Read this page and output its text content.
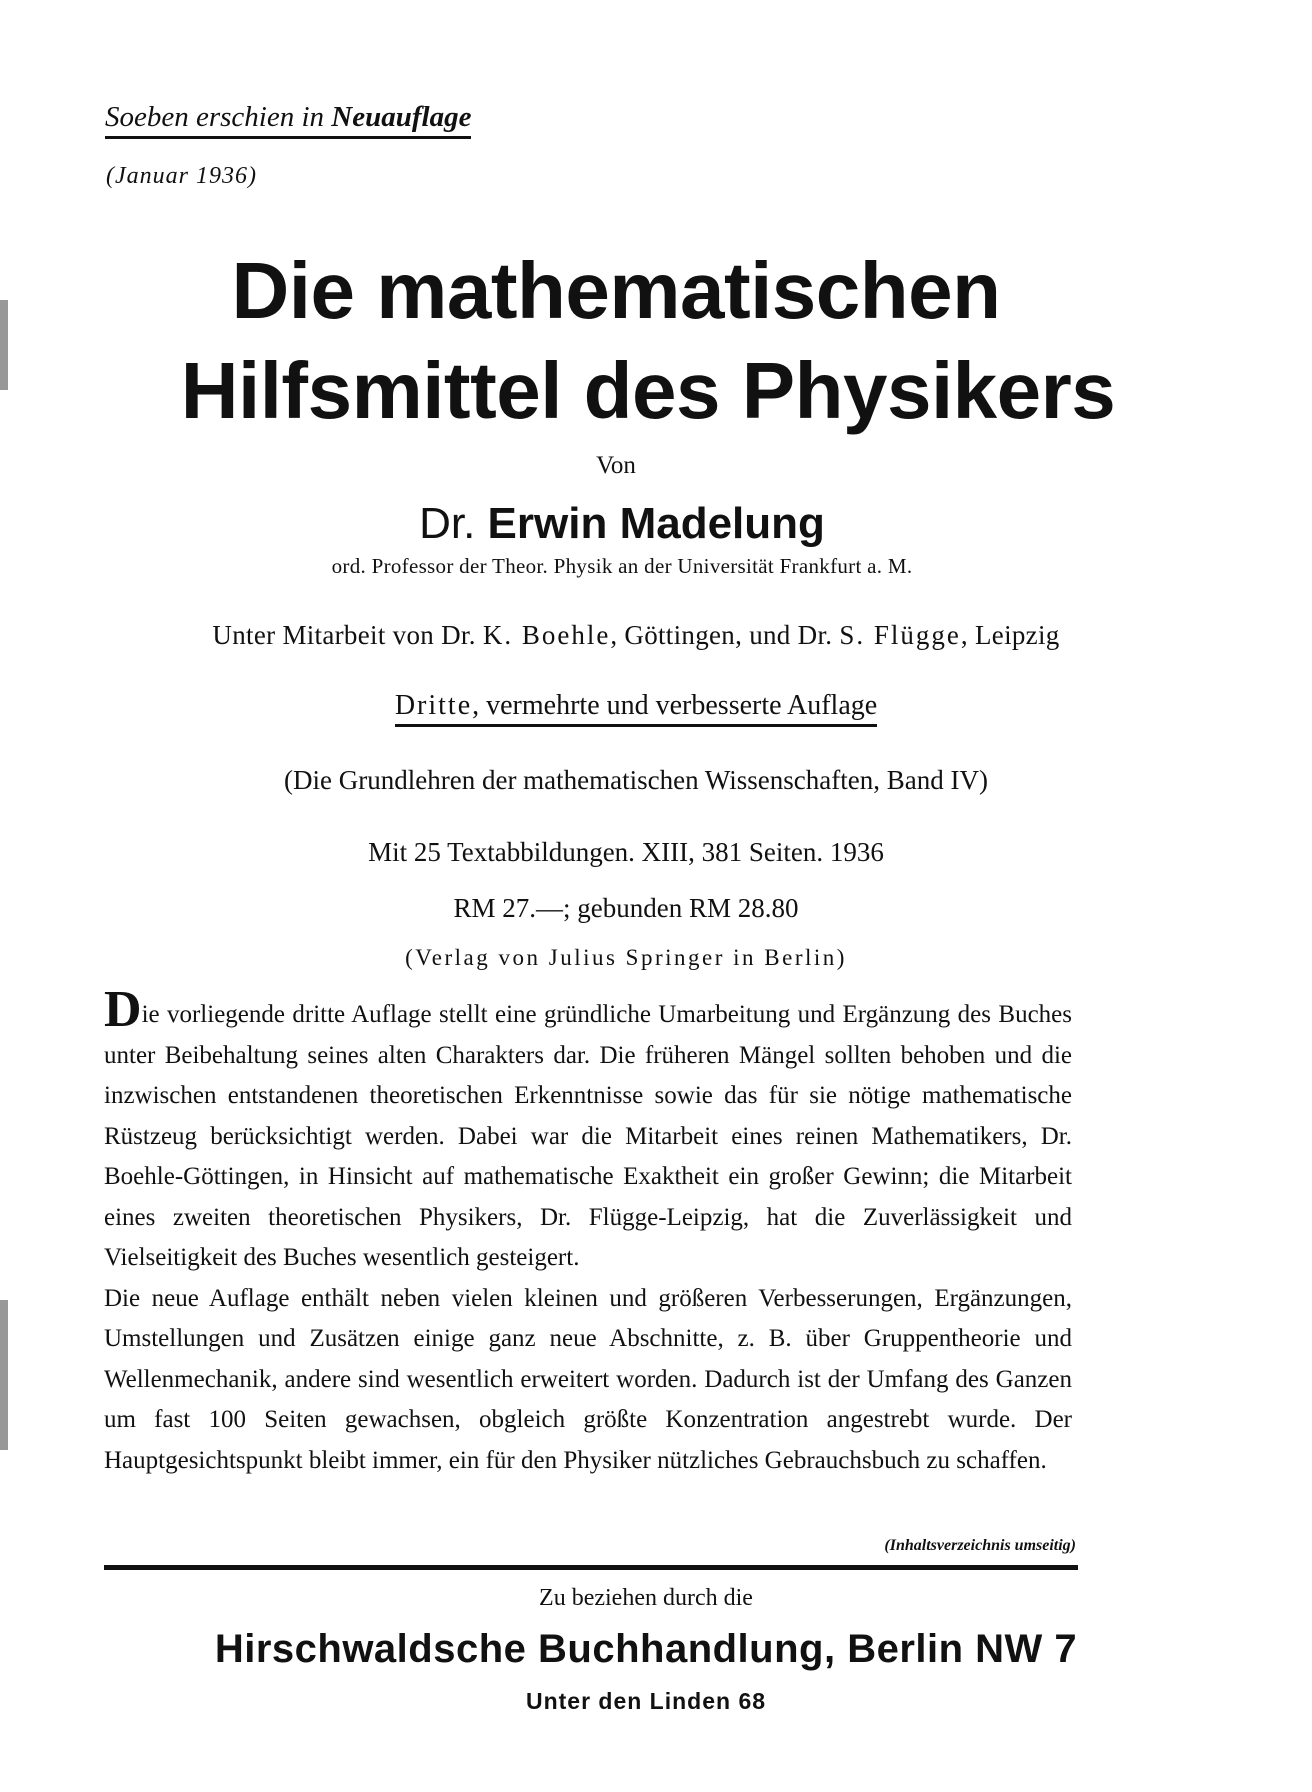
Soeben erschien in Neuauflage
(Januar 1936)
Die mathematischen
Hilfsmittel des Physikers
Von
Dr. Erwin Madelung
ord. Professor der Theor. Physik an der Universität Frankfurt a. M.
Unter Mitarbeit von Dr. K. Boehle, Göttingen, und Dr. S. Flügge, Leipzig
Dritte, vermehrte und verbesserte Auflage
(Die Grundlehren der mathematischen Wissenschaften, Band IV)
Mit 25 Textabbildungen. XIII, 381 Seiten. 1936
RM 27.—; gebunden RM 28.80
(Verlag von Julius Springer in Berlin)

Die vorliegende dritte Auflage stellt eine gründliche Umarbeitung und Ergänzung des Buches unter Beibehaltung seines alten Charakters dar. Die früheren Mängel sollten behoben und die inzwischen entstandenen theoretischen Erkenntnisse sowie das für sie nötige mathematische Rüstzeug berücksichtigt werden. Dabei war die Mitarbeit eines reinen Mathematikers, Dr. Boehle-Göttingen, in Hinsicht auf mathematische Exaktheit ein großer Gewinn; die Mitarbeit eines zweiten theoretischen Physikers, Dr. Flügge-Leipzig, hat die Zuverlässigkeit und Vielseitigkeit des Buches wesentlich gesteigert.

Die neue Auflage enthält neben vielen kleinen und größeren Verbesserungen, Ergänzungen, Umstellungen und Zusätzen einige ganz neue Abschnitte, z. B. über Gruppentheorie und Wellenmechanik, andere sind wesentlich erweitert worden. Dadurch ist der Umfang des Ganzen um fast 100 Seiten gewachsen, obgleich größte Konzentration angestrebt wurde. Der Hauptgesichtspunkt bleibt immer, ein für den Physiker nützliches Gebrauchsbuch zu schaffen.

(Inhaltsverzeichnis umseitig)
Zu beziehen durch die
Hirschwaldsche Buchhandlung, Berlin NW 7
Unter den Linden 68
